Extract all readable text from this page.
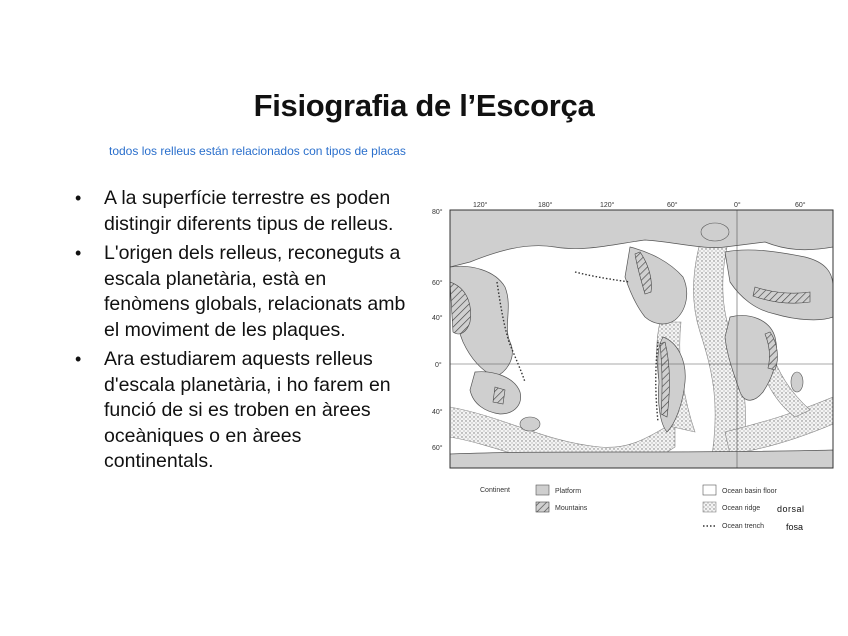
Fisiografia de l’Escorça
todos los relleus están relacionados con tipos de placas
• A la superfície terrestre es poden distingir diferents tipus de relleus.
• L'origen dels relleus, reconeguts a escala planetària, està en fenòmens globals, relacionats amb el moviment de les plaques.
• Ara estudiarem aquests relleus d'escala planetària, i ho farem en funció de si es troben en àrees oceàniques o en àrees continentals.
120°	180°	120°	60°	0°	60°
80°
60°
40°
0°
40°
60°
Continent	Platform
Mountains
Ocean basin floor
Ocean ridge
Ocean trench
dorsal
fosa
